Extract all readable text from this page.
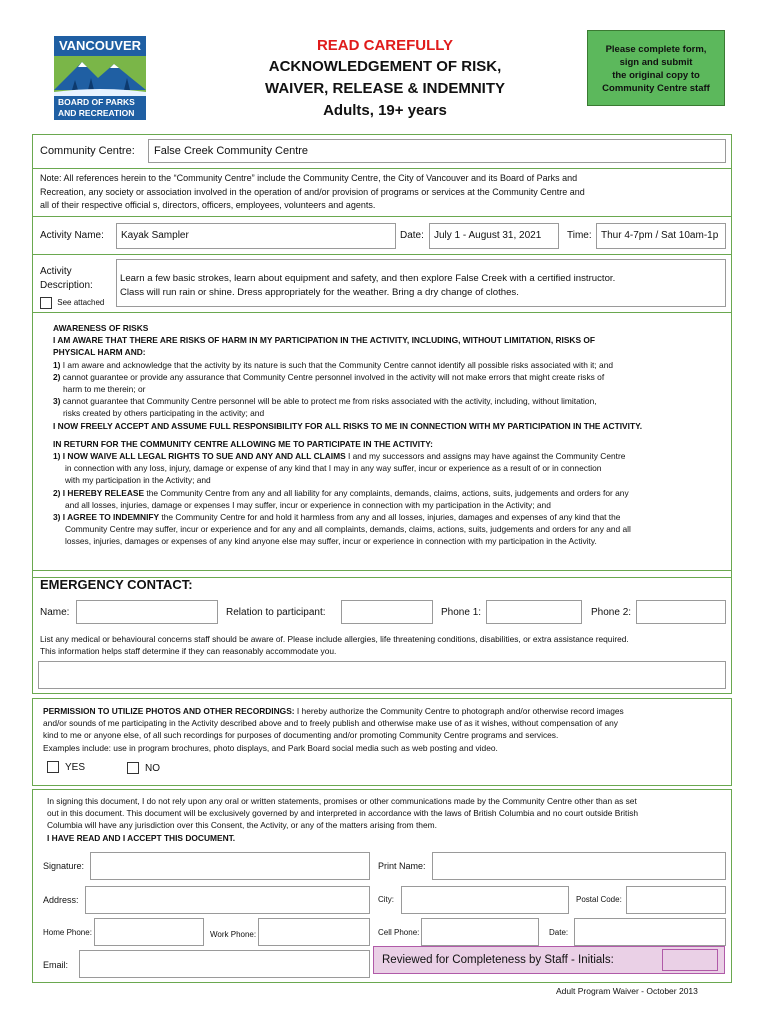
VANCOUVER
BOARD OF PARKS
AND RECREATION
READ CAREFULLY
ACKNOWLEDGEMENT OF RISK,
WAIVER, RELEASE & INDEMNITY
Adults, 19+ years
Please complete form,
sign and submit
the original copy to
Community Centre staff
Community Centre: False Creek Community Centre

Note: All references herein to the “Community Centre” include the Community Centre, the City of Vancouver and its Board of Parks and

Recreation, any society or association involved in the operation of and/or provision of programs or services at the Community Centre and

all of their respective official s, directors, officers, employees, volunteers and agents.

Activity Name: Kayak Sampler	Date: July 1 - August 31, 2021	Time: Thur 4-7pm / Sat 10am-1p
Activity
Description:
See attached
Learn a few basic strokes, learn about equipment and safety, and then explore False Creek with a certified instructor.
Class will run rain or shine. Dress appropriately for the weather. Bring a dry change of clothes.

AWARENESS OF RISKS

I AM AWARE THAT THERE ARE RISKS OF HARM IN MY PARTICIPATION IN THE ACTIVITY, INCLUDING, WITHOUT LIMITATION, RISKS OF

PHYSICAL HARM AND:

1) I am aware and acknowledge that the activity by its nature is such that the Community Centre cannot identify all possible risks associated with it; and

2) cannot guarantee or provide any assurance that Community Centre personnel involved in the activity will not make errors that might create risks of

harm to me therein; or

3) cannot guarantee that Community Centre personnel will be able to protect me from risks associated with the activity, including, without limitation,

risks created by others participating in the activity; and

I NOW FREELY ACCEPT AND ASSUME FULL RESPONSIBILITY FOR ALL RISKS TO ME IN CONNECTION WITH MY PARTICIPATION IN THE ACTIVITY.

IN RETURN FOR THE COMMUNITY CENTRE ALLOWING ME TO PARTICIPATE IN THE ACTIVITY:

1) I NOW WAIVE ALL LEGAL RIGHTS TO SUE AND ANY AND ALL CLAIMS I and my successors and assigns may have against the Community Centre

in connection with any loss, injury, damage or expense of any kind that I may in any way suffer, incur or experience as a result of or in connection

with my participation in the Activity; and

2) I HEREBY RELEASE the Community Centre from any and all liability for any complaints, demands, claims, actions, suits, judgements and orders for any

and all losses, injuries, damage or expenses I may suffer, incur or experience in connection with my participation in the Activity; and

3) I AGREE TO INDEMNIFY the Community Centre for and hold it harmless from any and all losses, injuries, damages and expenses of any kind that the

Community Centre may suffer, incur or experience and for any and all complaints, demands, claims, actions, suits, judgements and orders for any and all

losses, injuries, damages or expenses of any kind anyone else may suffer, incur or experience in connection with my participation in the Activity.

EMERGENCY CONTACT:
Name:	Relation to participant:	Phone 1:	Phone 2:

List any medical or behavioural concerns staff should be aware of. Please include allergies, life threatening conditions, disabilities, or extra assistance required.

This information helps staff determine if they can reasonably accommodate you.

PERMISSION TO UTILIZE PHOTOS AND OTHER RECORDINGS: I hereby authorize the Community Centre to photograph and/or otherwise record images

and/or sounds of me participating in the Activity described above and to freely publish and otherwise make use of as it wishes, without compensation of any

kind to me or anyone else, of all such recordings for purposes of documenting and/or promoting Community Centre programs and services.

Examples include: use in program brochures, photo displays, and Park Board social media such as web posting and video.

YES	NO

In signing this document, I do not rely upon any oral or written statements, promises or other communications made by the Community Centre other than as set

out in this document. This document will be exclusively governed by and interpreted in accordance with the laws of British Columbia and no court outside British

Columbia will have any jurisdiction over this Consent, the Activity, or any of the matters arising from them.

I HAVE READ AND I ACCEPT THIS DOCUMENT.

Signature:	Print Name:
Address:	City:	Postal Code:
Home Phone:	Work Phone:	Cell Phone:	Date:
Email:	Reviewed for Completeness by Staff - Initials:
Adult Program Waiver - October 2013
